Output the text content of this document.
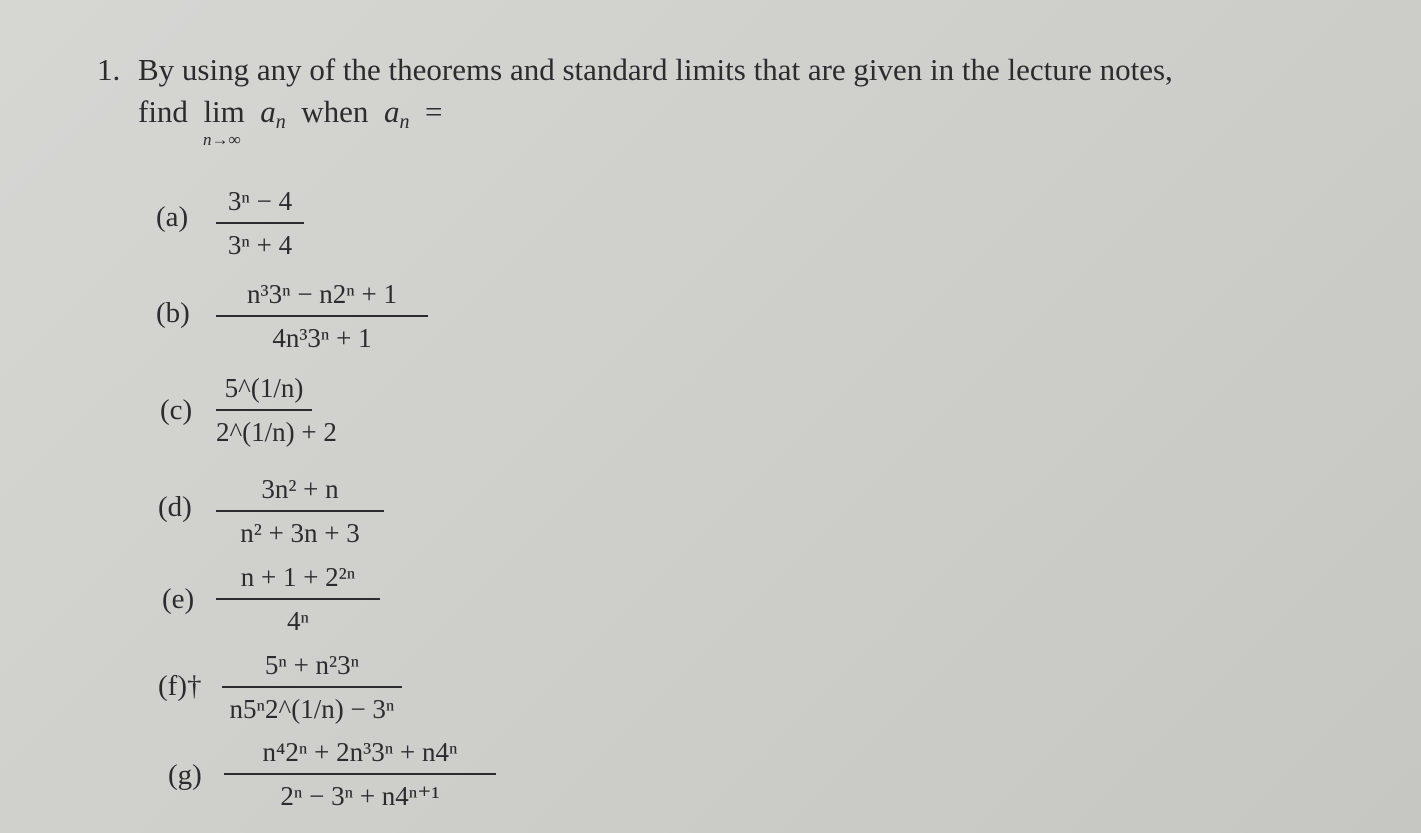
1. By using any of the theorems and standard limits that are given in the lecture notes,
find $\lim a_n$ when $a_n$ =
n→∞
(a)	3ⁿ − 4
3ⁿ + 4
(b)
n³3ⁿ − n2ⁿ + 1
4n³3ⁿ + 1
(c)
5^(1/n)
2^(1/n) + 2
(d)
3n² + n
n² + 3n + 3
(e)
n + 1 + 2²ⁿ
4ⁿ
(f)†
5ⁿ + n²3ⁿ
n5ⁿ2^(1/n) − 3ⁿ
(g)
n⁴2ⁿ + 2n³3ⁿ + n4ⁿ
2ⁿ − 3ⁿ + n4ⁿ⁺¹
